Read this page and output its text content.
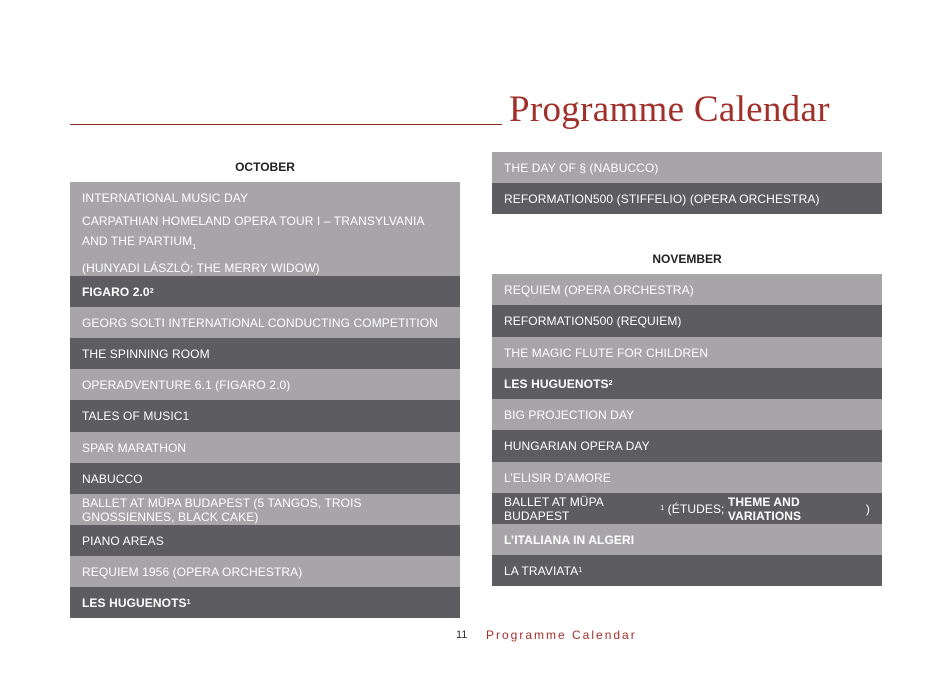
Programme Calendar
OCTOBER
INTERNATIONAL MUSIC DAY
CARPATHIAN HOMELAND OPERA TOUR I – TRANSYLVANIA AND THE $PARTIUM_1$
(HUNYADI LÁSZLÓ; THE MERRY WIDOW)
FIGARO 2.0 2
GEORG SOLTI INTERNATIONAL CONDUCTING COMPETITION
THE SPINNING ROOM
OPERADVENTURE 6.1 (FIGARO 2.0)
TALES OF MUSIC1
SPAR MARATHON
NABUCCO
BALLET AT MÜPA BUDAPEST (5 TANGOS, TROIS GNOSSIENNES, BLACK CAKE)
PIANO AREAS
REQUIEM 1956 (OPERA ORCHESTRA)
LES HUGUENOTS 1
THE DAY OF § (NABUCCO)
REFORMATION500 (STIFFELIO) (OPERA ORCHESTRA)
NOVEMBER
REQUIEM (OPERA ORCHESTRA)
REFORMATION500 (REQUIEM)
THE MAGIC FLUTE FOR CHILDREN
LES HUGUENOTS 2
BIG PROJECTION DAY
HUNGARIAN OPERA DAY
L’ELISIR D’AMORE
BALLET AT MÜPA BUDAPEST	1 (ÉTUDES; THEME AND VARIATIONS	)
L’ITALIANA IN ALGERI
LA TRAVIATA 1
11 Programme Calendar
